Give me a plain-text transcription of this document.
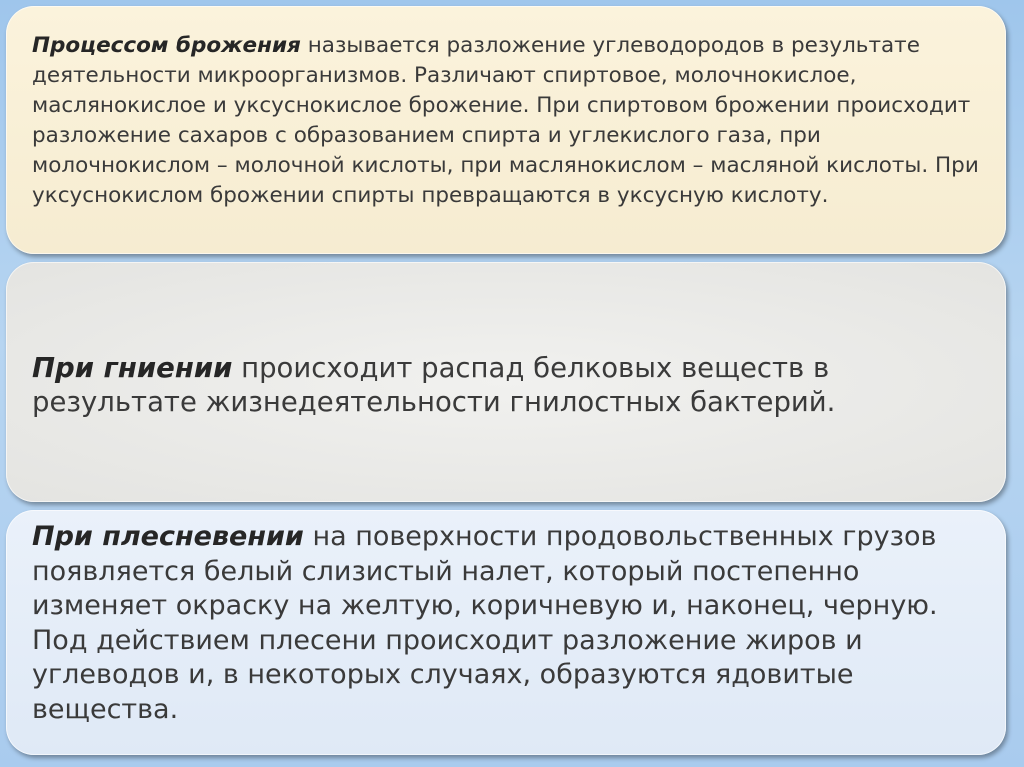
Процессом брожения называется разложение углеводородов в результате деятельности микроорганизмов. Различают спиртовое, молочнокислое, маслянокислое и уксуснокислое брожение. При спиртовом брожении происходит разложение сахаров с образованием спирта и углекислого газа, при молочнокислом – молочной кислоты, при маслянокислом – масляной кислоты. При уксуснокислом брожении спирты превращаются в уксусную кислоту.

При гниении происходит распад белковых веществ в результате жизнедеятельности гнилостных бактерий.

При плесневении на поверхности продовольственных грузов появляется белый слизистый налет, который постепенно изменяет окраску на желтую, коричневую и, наконец, черную. Под действием плесени происходит разложение жиров и углеводов и, в некоторых случаях, образуются ядовитые вещества.
